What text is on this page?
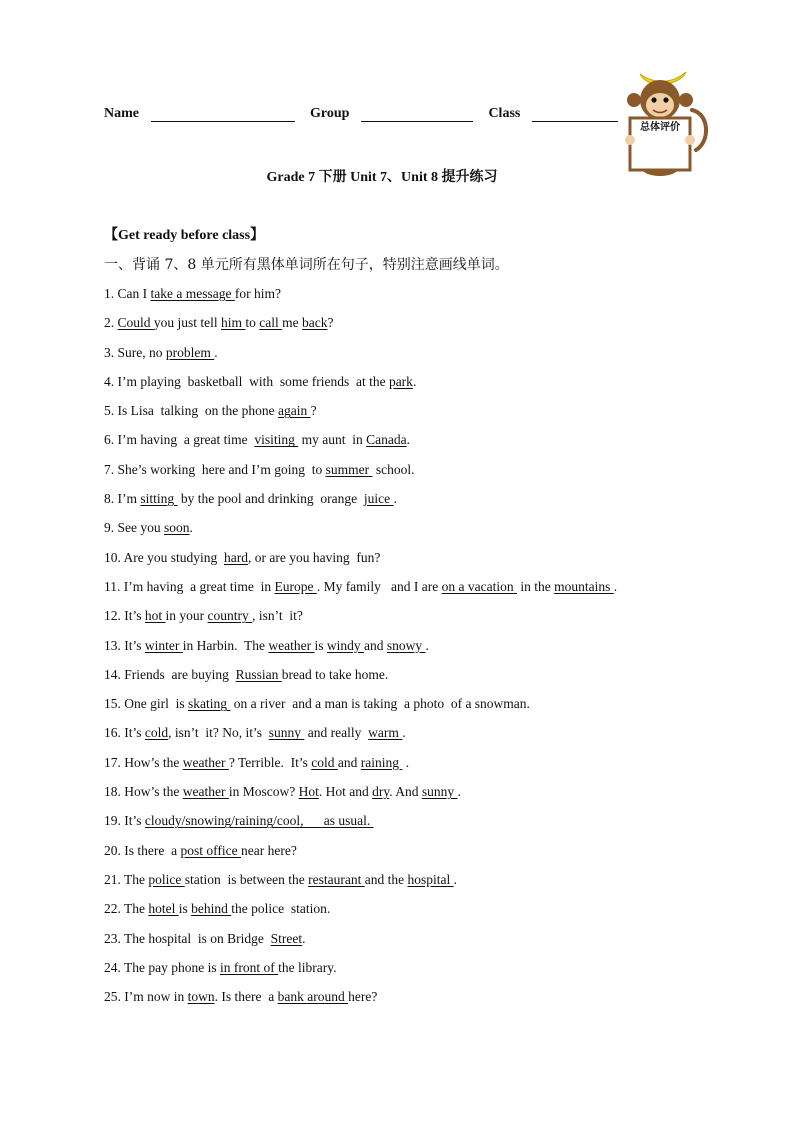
Name	Group	Class
总体评价
Grade 7 下册 Unit 7、Unit 8 提升练习
【Get ready before class】
一、背诵 7、8 单元所有黑体单词所在句子，特别注意画线单词。
1. Can I take a message for him?
2. Could you just tell him to call me back?
3. Sure, no problem .
4. I’m playing  basketball  with  some friends  at the park.
5. Is Lisa  talking  on the phone again ?
6. I’m having  a great time  visiting  my aunt  in Canada.
7. She’s working  here and I’m going  to summer  school.
8. I’m sitting  by the pool and drinking  orange  juice .
9. See you soon.
10. Are you studying  hard, or are you having  fun?
11. I’m having  a great time  in Europe . My family   and I are on a vacation  in the mountains .
12. It’s hot in your country , isn’t  it?
13. It’s winter in Harbin.  The weather is windy and snowy .
14. Friends  are buying  Russian bread to take home.
15. One girl  is skating  on a river  and a man is taking  a photo  of a snowman.
16. It’s cold, isn’t  it? No, it’s  sunny  and really  warm .
17. How’s the weather ? Terrible.  It’s cold and raining  .
18. How’s the weather in Moscow? Hot. Hot and dry. And sunny .
19. It’s cloudy/snowing/raining/cool,      as usual.
20. Is there  a post office near here?
21. The police station  is between the restaurant and the hospital .
22. The hotel is behind the police  station.
23. The hospital  is on Bridge  Street.
24. The pay phone is in front of the library.
25. I’m now in town. Is there  a bank around here?
